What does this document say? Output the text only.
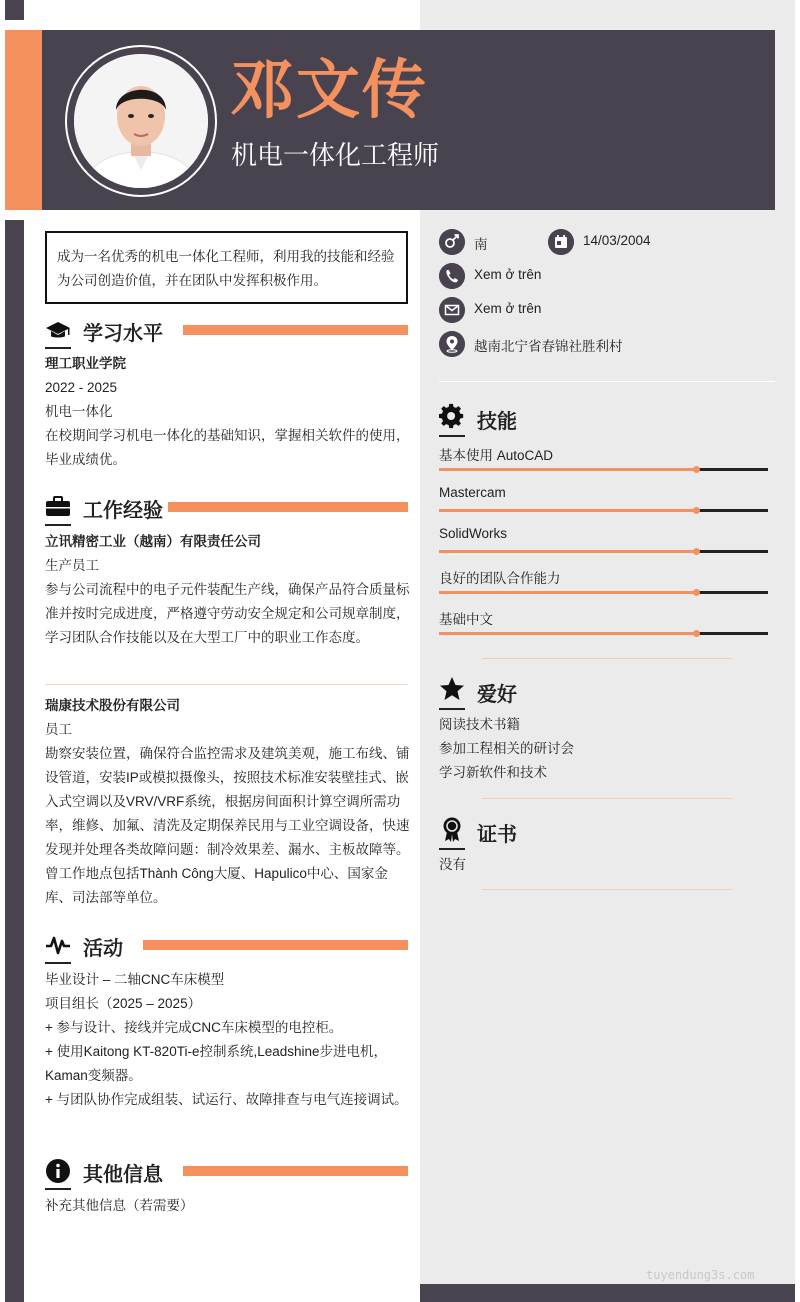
邓文传
机电一体化工程师
成为一名优秀的机电一体化工程师，利用我的技能和经验为公司创造价值，并在团队中发挥积极作用。
学习水平

理工职业学院

2022 - 2025

机电一体化

在校期间学习机电一体化的基础知识，掌握相关软件的使用，毕业成绩优。

工作经验

立讯精密工业（越南）有限责任公司

生产员工

参与公司流程中的电子元件装配生产线，确保产品符合质量标准并按时完成进度，严格遵守劳动安全规定和公司规章制度，学习团队合作技能以及在大型工厂中的职业工作态度。

瑞康技术股份有限公司

员工

勘察安装位置，确保符合监控需求及建筑美观，施工布线、铺设管道，安装IP或模拟摄像头，按照技术标准安装壁挂式、嵌入式空调以及VRV/VRF系统，根据房间面积计算空调所需功率，维修、加氟、清洗及定期保养民用与工业空调设备，快速发现并处理各类故障问题：制冷效果差、漏水、主板故障等。曾工作地点包括Thành Công大厦、Hapulico中心、国家金库、司法部等单位。

活动

毕业设计 – 二轴CNC车床模型

项目组长（2025 – 2025）

+ 参与设计、接线并完成CNC车床模型的电控柜。

+ 使用Kaitong KT-820Ti-e控制系统,Leadshine步进电机，Kaman变频器。

+ 与团队协作完成组装、试运行、故障排查与电气连接调试。

其他信息
补充其他信息（若需要）
南	14/03/2004
Xem ở trên
Xem ở trên
越南北宁省春锦社胜利村
技能
基本使用 AutoCAD
Mastercam
SolidWorks
良好的团队合作能力
基础中文
爱好

阅读技术书籍

参加工程相关的研讨会

学习新软件和技术

证书
没有
tuyendung3s.com
